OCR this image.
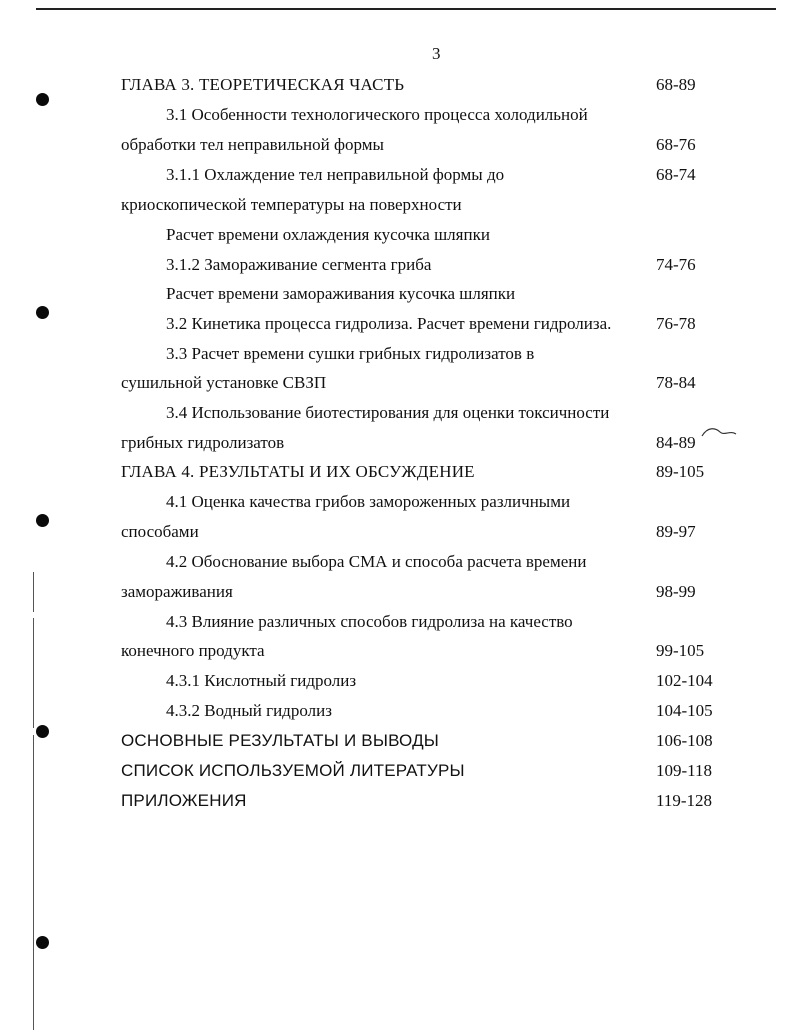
3
ГЛАВА 3. ТЕОРЕТИЧЕСКАЯ ЧАСТЬ	68-89
3.1 Особенности технологического процесса холодильной
обработки тел неправильной формы	68-76
3.1.1 Охлаждение тел неправильной формы до	68-74
криоскопической температуры на поверхности
Расчет времени охлаждения кусочка шляпки
3.1.2 Замораживание сегмента гриба	74-76
Расчет времени замораживания кусочка шляпки
3.2 Кинетика процесса гидролиза. Расчет времени гидролиза.	76-78
3.3 Расчет времени сушки грибных гидролизатов в
сушильной установке СВЗП	78-84
3.4 Использование биотестирования для оценки токсичности
грибных гидролизатов	84-89
ГЛАВА 4. РЕЗУЛЬТАТЫ И ИХ ОБСУЖДЕНИЕ	89-105
4.1 Оценка качества грибов замороженных различными
способами	89-97
4.2 Обоснование выбора СМА и способа расчета времени
замораживания	98-99
4.3 Влияние различных способов гидролиза на качество
конечного продукта	99-105
4.3.1 Кислотный гидролиз	102-104
4.3.2 Водный гидролиз	104-105
ОСНОВНЫЕ РЕЗУЛЬТАТЫ И ВЫВОДЫ	106-108
СПИСОК ИСПОЛЬЗУЕМОЙ ЛИТЕРАТУРЫ	109-118
ПРИЛОЖЕНИЯ	119-128
